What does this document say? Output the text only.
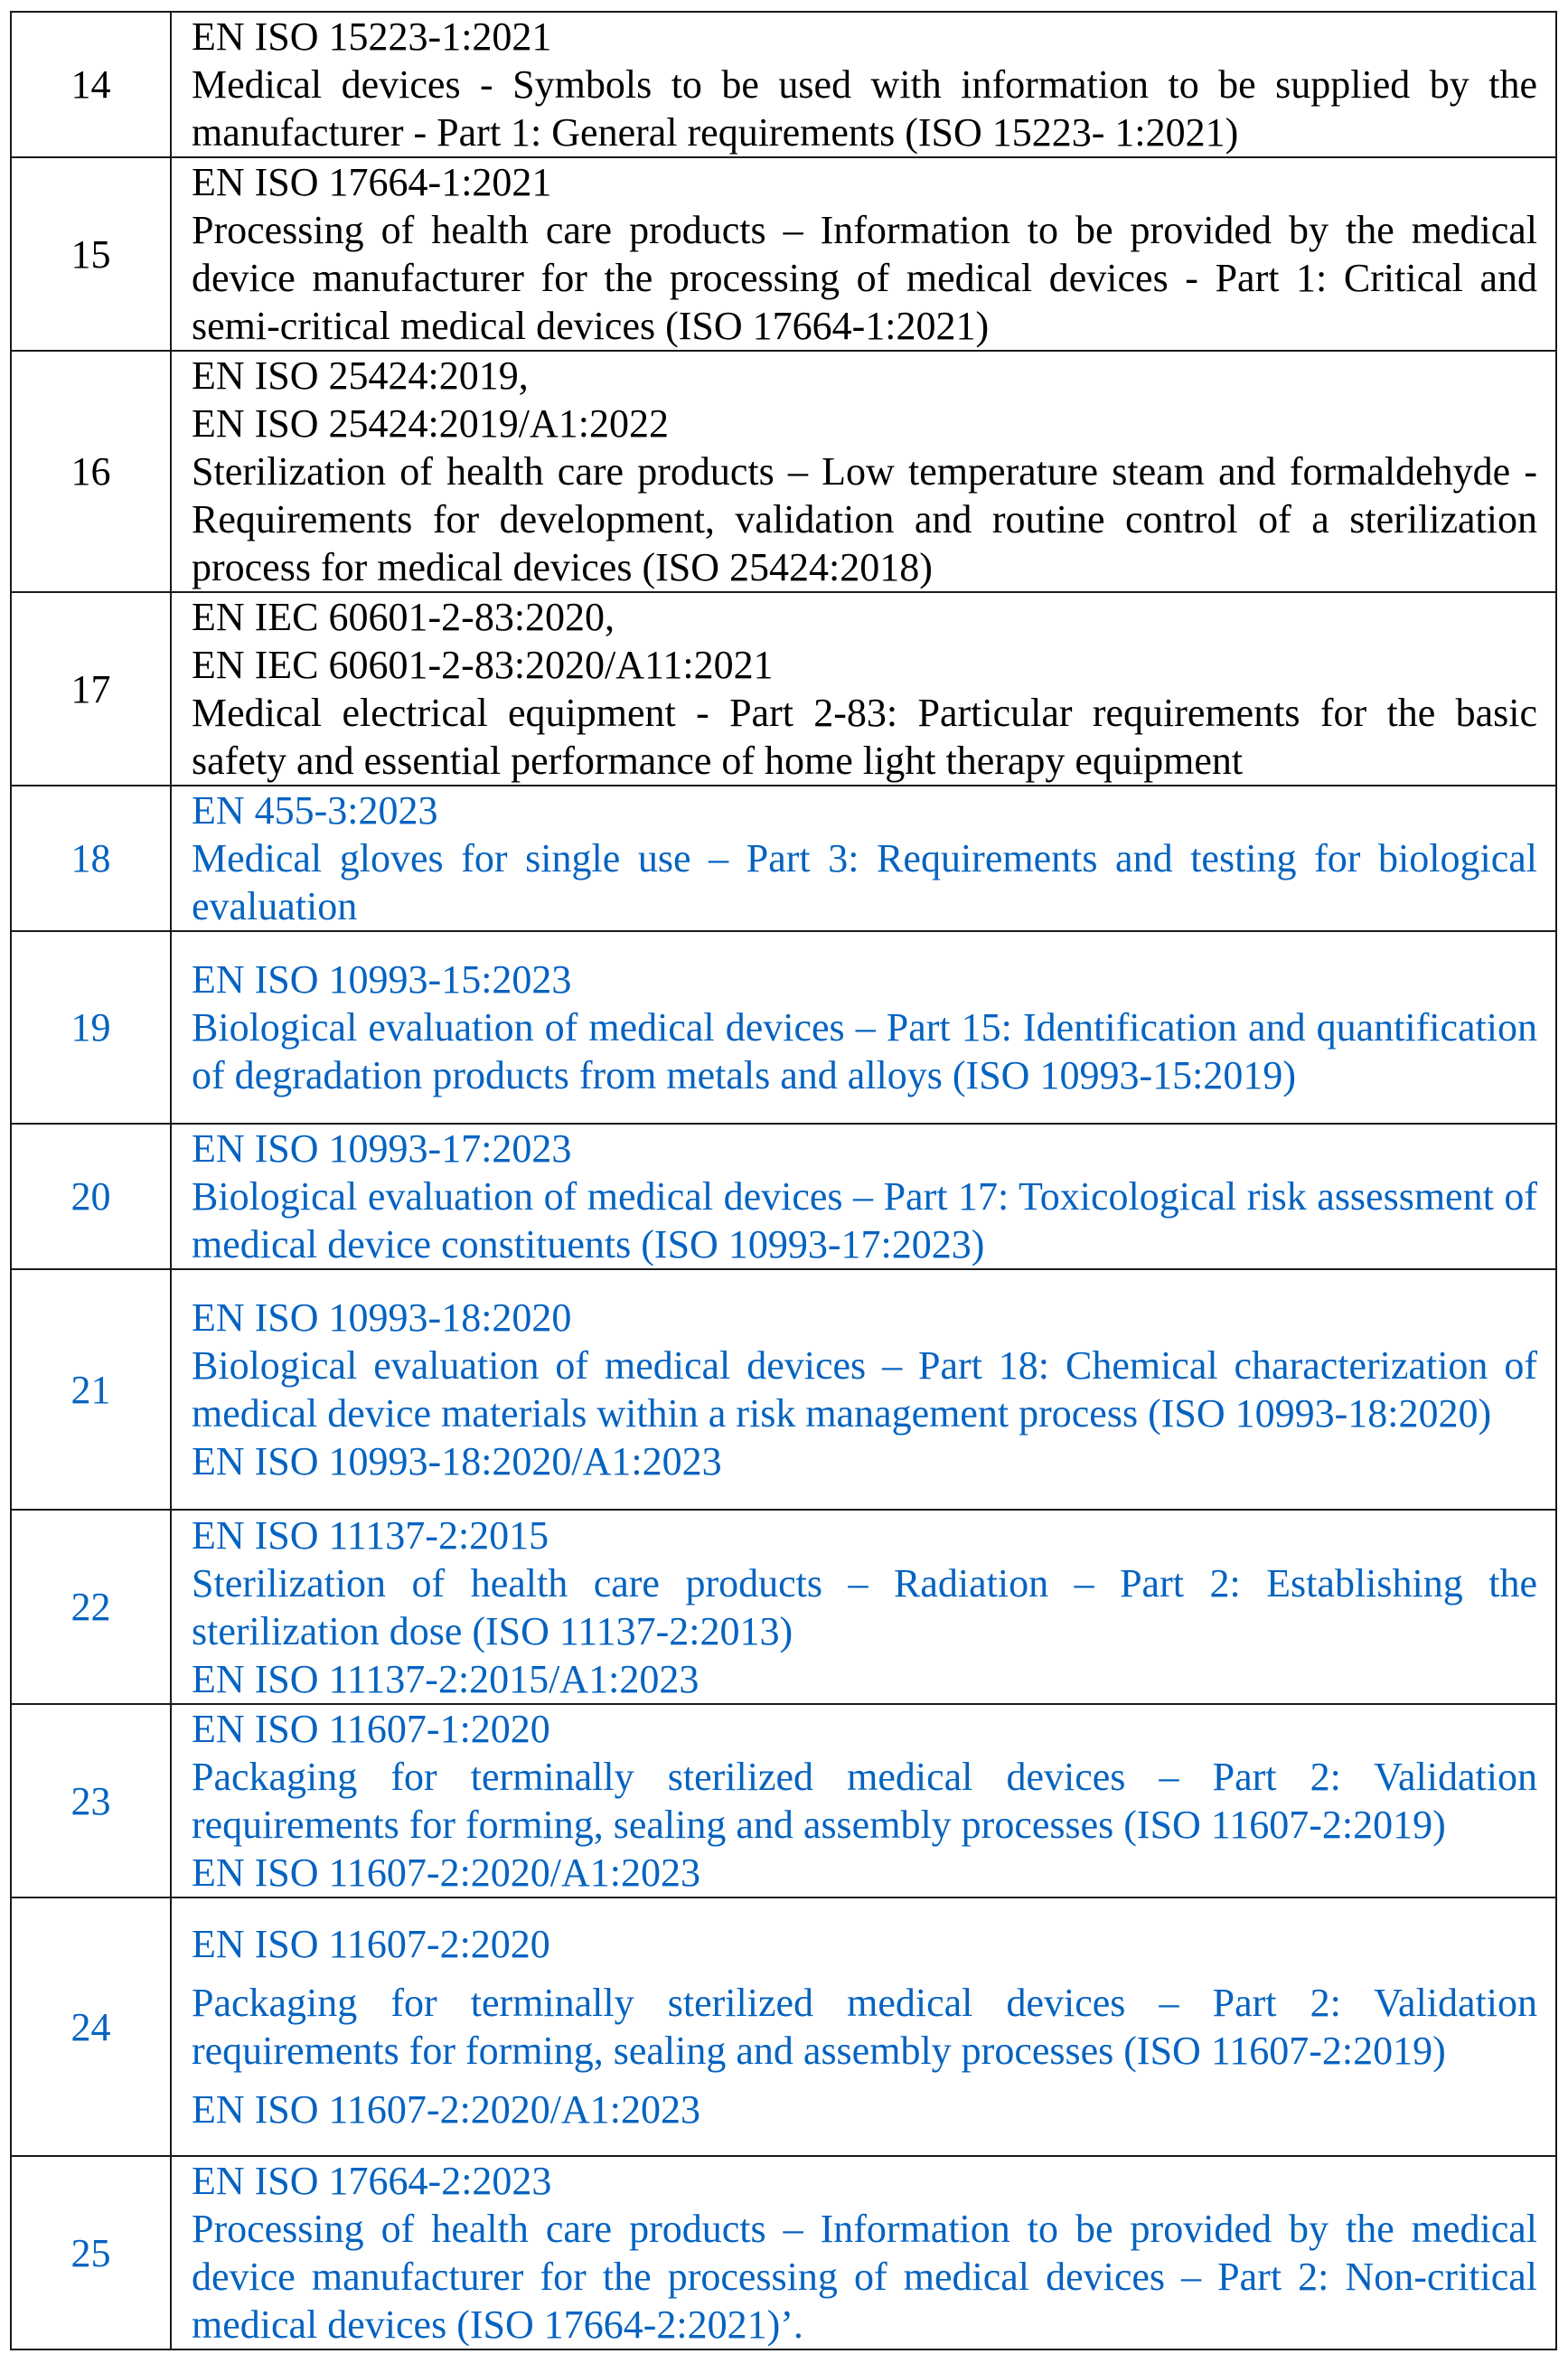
14	EN ISO 15223-1:2021
Medical devices - Symbols to be used with information to be supplied by the manufacturer - Part 1: General requirements (ISO 15223- 1:2021)

15	EN ISO 17664-1:2021
Processing of health care products – Information to be provided by the medical device manufacturer for the processing of medical devices - Part 1: Critical and semi-critical medical devices (ISO 17664-1:2021)

16	EN ISO 25424:2019,
EN ISO 25424:2019/A1:2022
Sterilization of health care products – Low temperature steam and formaldehyde - Requirements for development, validation and routine control of a sterilization process for medical devices (ISO 25424:2018)

17	EN IEC 60601-2-83:2020,
EN IEC 60601-2-83:2020/A11:2021
Medical electrical equipment - Part 2-83: Particular requirements for the basic safety and essential performance of home light therapy equipment

18	EN 455-3:2023
Medical gloves for single use – Part 3: Requirements and testing for biological evaluation

19	EN ISO 10993-15:2023
Biological evaluation of medical devices – Part 15: Identification and quantification of degradation products from metals and alloys (ISO 10993-15:2019)

20	EN ISO 10993-17:2023
Biological evaluation of medical devices – Part 17: Toxicological risk assessment of medical device constituents (ISO 10993-17:2023)

21	EN ISO 10993-18:2020
Biological evaluation of medical devices – Part 18: Chemical characterization of medical device materials within a risk management process (ISO 10993-18:2020)
EN ISO 10993-18:2020/A1:2023

22	EN ISO 11137-2:2015
Sterilization of health care products – Radiation – Part 2: Establishing the sterilization dose (ISO 11137-2:2013)
EN ISO 11137-2:2015/A1:2023

23	EN ISO 11607-1:2020
Packaging for terminally sterilized medical devices – Part 2: Validation requirements for forming, sealing and assembly processes (ISO 11607-2:2019)
EN ISO 11607-2:2020/A1:2023

24	EN ISO 11607-2:2020
Packaging for terminally sterilized medical devices – Part 2: Validation requirements for forming, sealing and assembly processes (ISO 11607-2:2019)
EN ISO 11607-2:2020/A1:2023

25	EN ISO 17664-2:2023
Processing of health care products – Information to be provided by the medical device manufacturer for the processing of medical devices – Part 2: Non-critical medical devices (ISO 17664-2:2021)’.
